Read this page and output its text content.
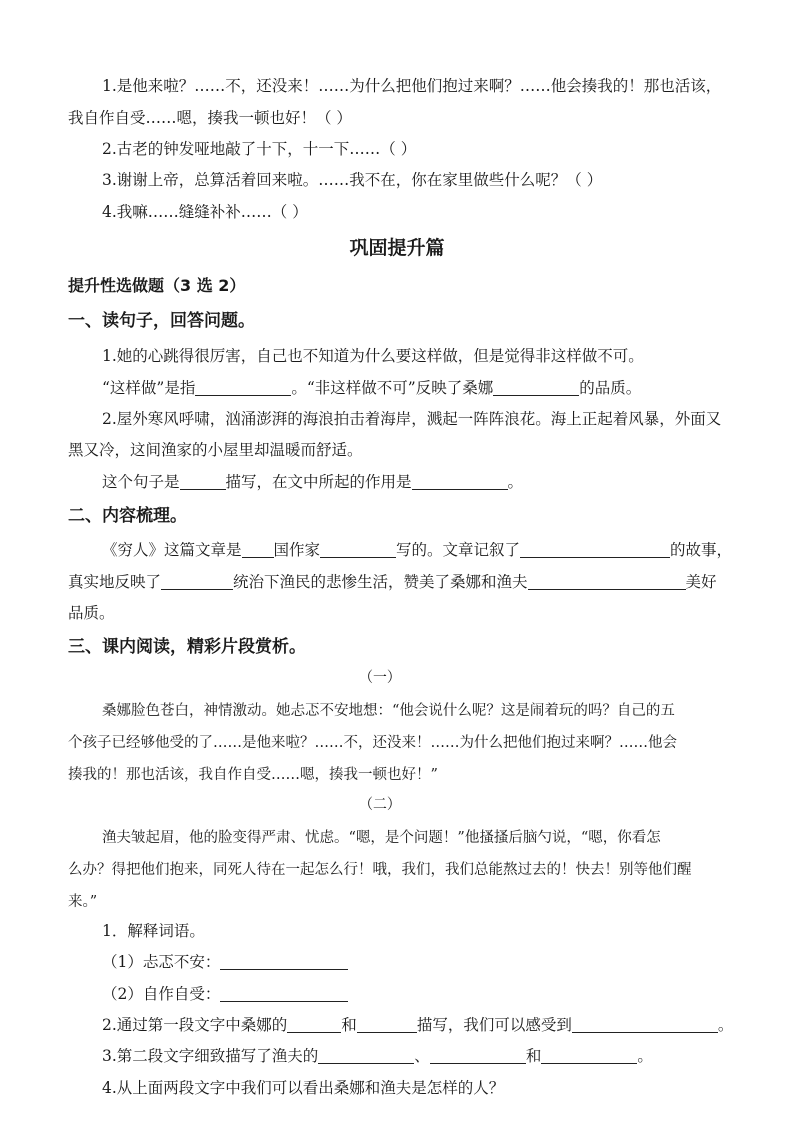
1.是他来啦？……不，还没来！……为什么把他们抱过来啊？……他会揍我的！那也活该，
我自作自受……嗯，揍我一顿也好！（ ）
2.古老的钟发哑地敲了十下，十一下……（ ）
3.谢谢上帝，总算活着回来啦。……我不在，你在家里做些什么呢？（ ）
4.我嘛……缝缝补补……（ ）
巩固提升篇
提升性选做题（3 选 2）
一、读句子，回答问题。
1.她的心跳得很厉害，自己也不知道为什么要这样做，但是觉得非这样做不可。
“这样做”是指	。“非这样做不可”反映了桑娜	的品质。
2.屋外寒风呼啸，汹涌澎湃的海浪拍击着海岸，溅起一阵阵浪花。海上正起着风暴，外面又
黑又冷，这间渔家的小屋里却温暖而舒适。
这个句子是	描写，在文中所起的作用是	。
二、内容梳理。
《穷人》这篇文章是 国作家	写的。文章记叙了	的故事，
真实地反映了	统治下渔民的悲惨生活，赞美了桑娜和渔夫	美好
品质。
三、课内阅读，精彩片段赏析。
（一）
桑娜脸色苍白，神情激动。她忐忑不安地想：“他会说什么呢？这是闹着玩的吗？自己的五
个孩子已经够他受的了……是他来啦？……不，还没来！……为什么把他们抱过来啊？……他会
揍我的！那也活该，我自作自受……嗯，揍我一顿也好！”
（二）
渔夫皱起眉，他的脸变得严肃、忧虑。“嗯，是个问题！”他搔搔后脑勺说，“嗯，你看怎
么办？得把他们抱来，同死人待在一起怎么行！哦，我们，我们总能熬过去的！快去！别等他们醒
来。”
1．解释词语。
（1）忐忑不安：
（2）自作自受：
2.通过第一段文字中桑娜的	和	描写，我们可以感受到	。
3.第二段文字细致描写了渔夫的	、	和	。
4.从上面两段文字中我们可以看出桑娜和渔夫是怎样的人？
